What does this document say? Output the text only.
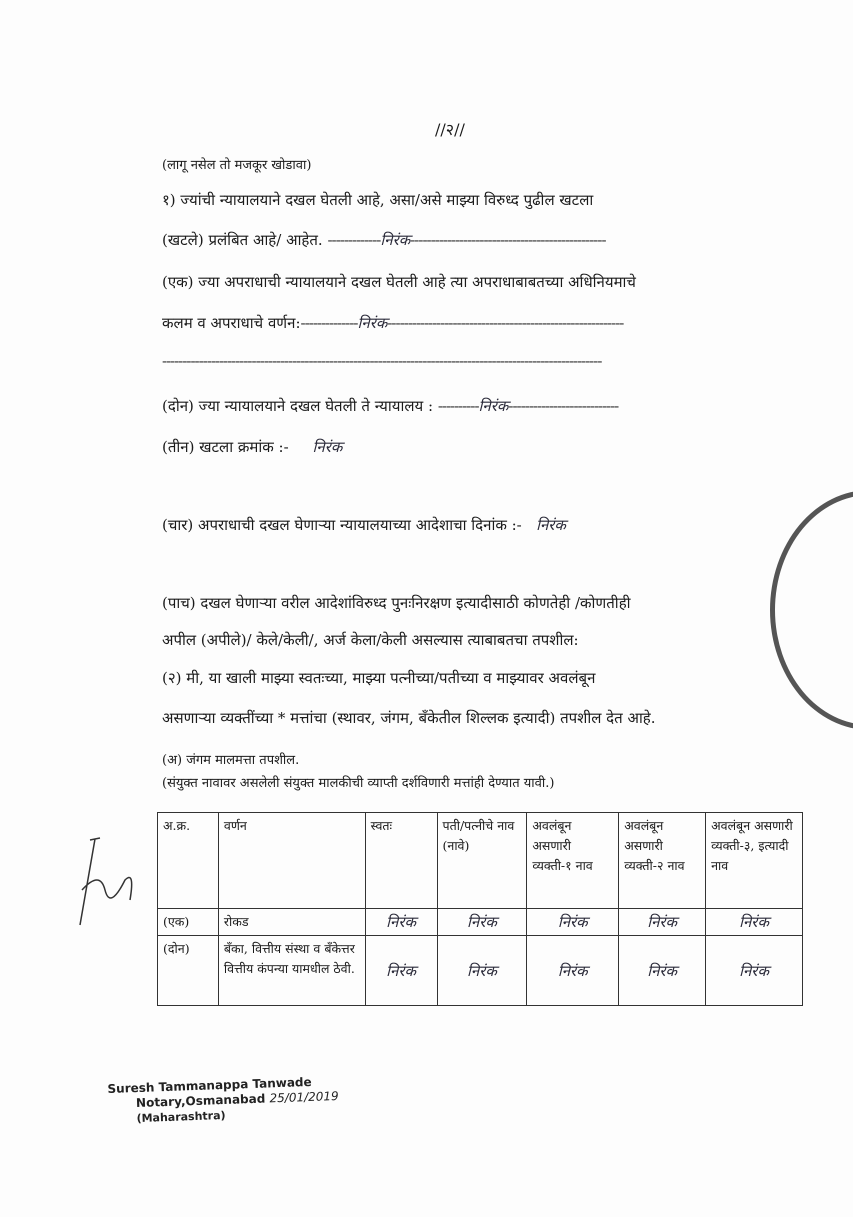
//२//
(लागू नसेल तो मजकूर खोडावा)
१) ज्यांची न्यायालयाने दखल घेतली आहे, असा/असे माझ्या विरुध्द पुढील खटला
(खटले) प्रलंबित आहे/ आहेत. -------------निरंक------------------------------------------------
(एक) ज्या अपराधाची न्यायालयाने दखल घेतली आहे त्या अपराधाबाबतच्या अधिनियमाचे
कलम व अपराधाचे वर्णन:--------------निरंक----------------------------------------------------------
------------------------------------------------------------------------------------------------------------
(दोन) ज्या न्यायालयाने दखल घेतली ते न्यायालय : ----------निरंक---------------------------
(तीन) खटला क्रमांक :- निरंक
(चार) अपराधाची दखल घेणाऱ्या न्यायालयाच्या आदेशाचा दिनांक :- निरंक
(पाच) दखल घेणाऱ्या वरील आदेशांविरुध्द पुनःनिरक्षण इत्यादीसाठी कोणतेही /कोणतीही
अपील (अपीले)/ केले/केली/, अर्ज केला/केली असल्यास त्याबाबतचा तपशील:
(२) मी, या खाली माझ्या स्वतःच्या, माझ्या पत्नीच्या/पतीच्या व माझ्यावर अवलंबून
असणाऱ्या व्यक्तींच्या * मत्तांचा (स्थावर, जंगम, बँकेतील शिल्लक इत्यादी) तपशील देत आहे.
(अ) जंगम मालमत्ता तपशील.
(संयुक्त नावावर असलेली संयुक्त मालकीची व्याप्ती दर्शविणारी मत्तांही देण्यात यावी.)
अ.क्र.	वर्णन	स्वतः	पती/पत्नीचे नाव (नावे)	अवलंबून असणारी व्यक्ती-१ नाव	अवलंबून असणारी व्यक्ती-२ नाव	अवलंबून असणारी व्यक्ती-३, इत्यादी नाव
(एक)	रोकड	निरंक	निरंक	निरंक	निरंक	निरंक
(दोन)	बँका, वित्तीय संस्था व बँकेत्तर वित्तीय कंपन्या यामधील ठेवी.	निरंक	निरंक	निरंक	निरंक	निरंक
Suresh Tammanappa Tanwade
Notary,Osmanabad 25/01/2019
(Maharashtra)
